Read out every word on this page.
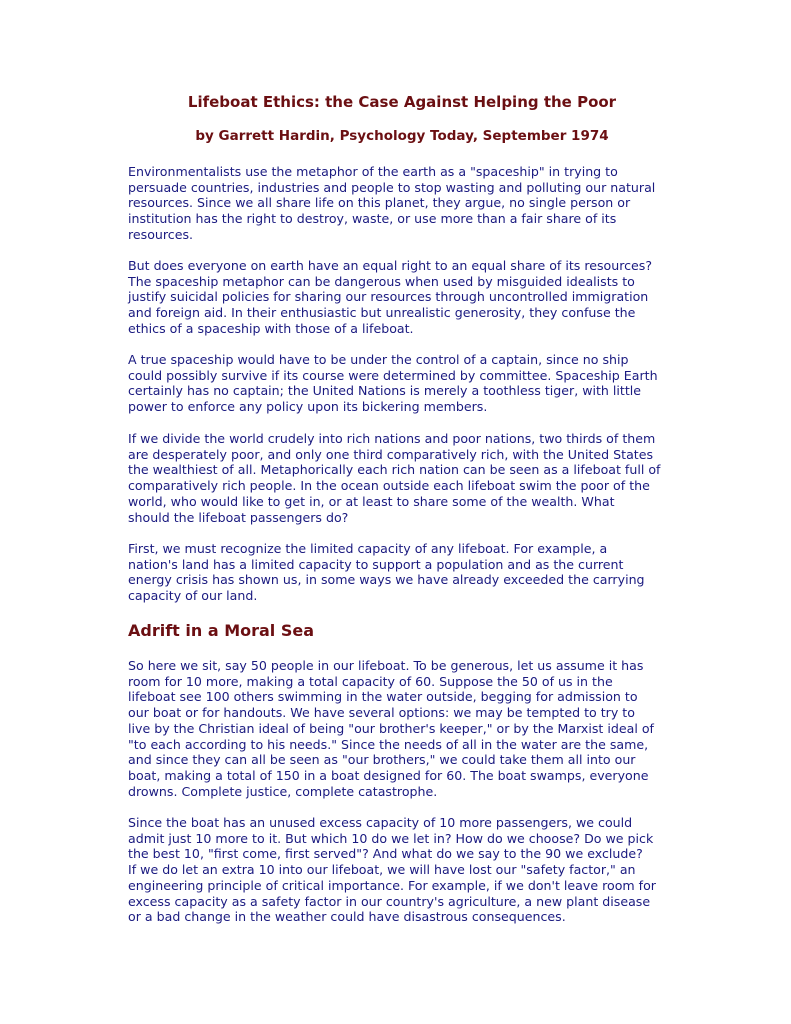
Lifeboat Ethics: the Case Against Helping the Poor
by Garrett Hardin, Psychology Today, September 1974

Environmentalists use the metaphor of the earth as a "spaceship" in trying to
persuade countries, industries and people to stop wasting and polluting our natural
resources. Since we all share life on this planet, they argue, no single person or
institution has the right to destroy, waste, or use more than a fair share of its
resources.

But does everyone on earth have an equal right to an equal share of its resources?
The spaceship metaphor can be dangerous when used by misguided idealists to
justify suicidal policies for sharing our resources through uncontrolled immigration
and foreign aid. In their enthusiastic but unrealistic generosity, they confuse the
ethics of a spaceship with those of a lifeboat.

A true spaceship would have to be under the control of a captain, since no ship
could possibly survive if its course were determined by committee. Spaceship Earth
certainly has no captain; the United Nations is merely a toothless tiger, with little
power to enforce any policy upon its bickering members.

If we divide the world crudely into rich nations and poor nations, two thirds of them
are desperately poor, and only one third comparatively rich, with the United States
the wealthiest of all. Metaphorically each rich nation can be seen as a lifeboat full of
comparatively rich people. In the ocean outside each lifeboat swim the poor of the
world, who would like to get in, or at least to share some of the wealth. What
should the lifeboat passengers do?

First, we must recognize the limited capacity of any lifeboat. For example, a
nation's land has a limited capacity to support a population and as the current
energy crisis has shown us, in some ways we have already exceeded the carrying
capacity of our land.

Adrift in a Moral Sea

So here we sit, say 50 people in our lifeboat. To be generous, let us assume it has
room for 10 more, making a total capacity of 60. Suppose the 50 of us in the
lifeboat see 100 others swimming in the water outside, begging for admission to
our boat or for handouts. We have several options: we may be tempted to try to
live by the Christian ideal of being "our brother's keeper," or by the Marxist ideal of
"to each according to his needs." Since the needs of all in the water are the same,
and since they can all be seen as "our brothers," we could take them all into our
boat, making a total of 150 in a boat designed for 60. The boat swamps, everyone
drowns. Complete justice, complete catastrophe.

Since the boat has an unused excess capacity of 10 more passengers, we could
admit just 10 more to it. But which 10 do we let in? How do we choose? Do we pick
the best 10, "first come, first served"? And what do we say to the 90 we exclude?
If we do let an extra 10 into our lifeboat, we will have lost our "safety factor," an
engineering principle of critical importance. For example, if we don't leave room for
excess capacity as a safety factor in our country's agriculture, a new plant disease
or a bad change in the weather could have disastrous consequences.
